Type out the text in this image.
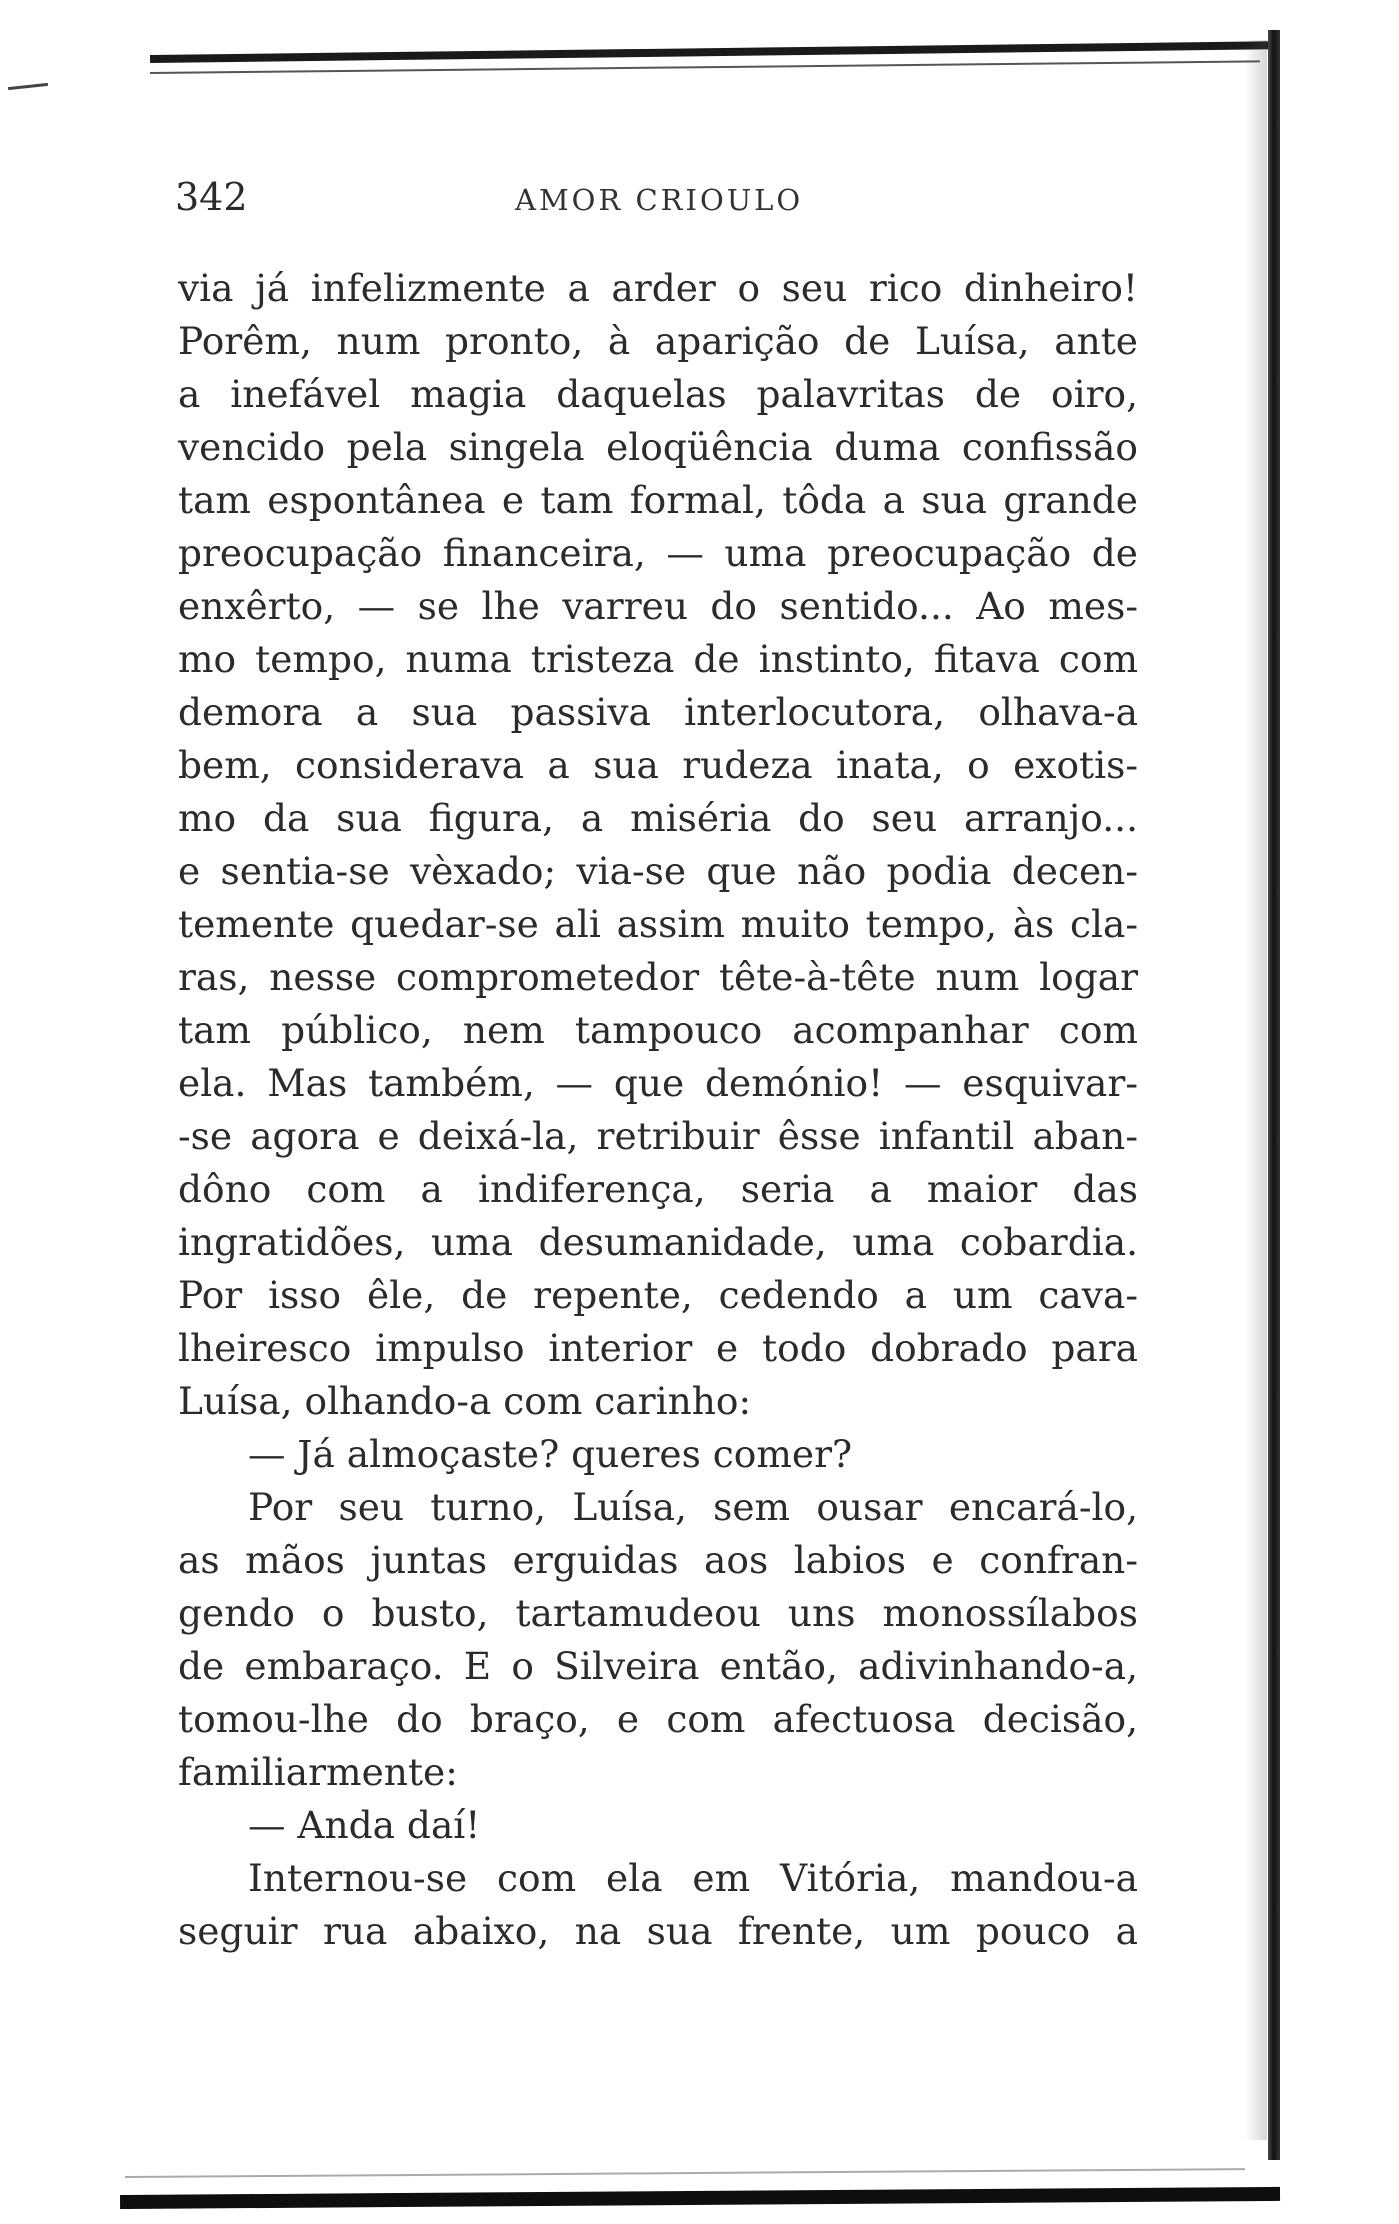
342	AMOR CRIOULO
via já infelizmente a arder o seu rico dinheiro!
Porêm, num pronto, à aparição de Luísa, ante
a inefável magia daquelas palavritas de oiro,
vencido pela singela eloqüência duma confissão
tam espontânea e tam formal, tôda a sua grande
preocupação financeira, — uma preocupação de
enxêrto, — se lhe varreu do sentido... Ao mes-
mo tempo, numa tristeza de instinto, fitava com
demora a sua passiva interlocutora, olhava-a
bem, considerava a sua rudeza inata, o exotis-
mo da sua figura, a miséria do seu arranjo...
e sentia-se vèxado; via-se que não podia decen-
temente quedar-se ali assim muito tempo, às cla-
ras, nesse comprometedor tête-à-tête num logar
tam público, nem tampouco acompanhar com
ela. Mas também, — que demónio! — esquivar-
-se agora e deixá-la, retribuir êsse infantil aban-
dôno com a indiferença, seria a maior das
ingratidões, uma desumanidade, uma cobardia.
Por isso êle, de repente, cedendo a um cava-
lheiresco impulso interior e todo dobrado para
Luísa, olhando-a com carinho:
— Já almoçaste? queres comer?
Por seu turno, Luísa, sem ousar encará-lo,
as mãos juntas erguidas aos labios e confran-
gendo o busto, tartamudeou uns monossílabos
de embaraço. E o Silveira então, adivinhando-a,
tomou-lhe do braço, e com afectuosa decisão,
familiarmente:
— Anda daí!
Internou-se com ela em Vitória, mandou-a
seguir rua abaixo, na sua frente, um pouco a
